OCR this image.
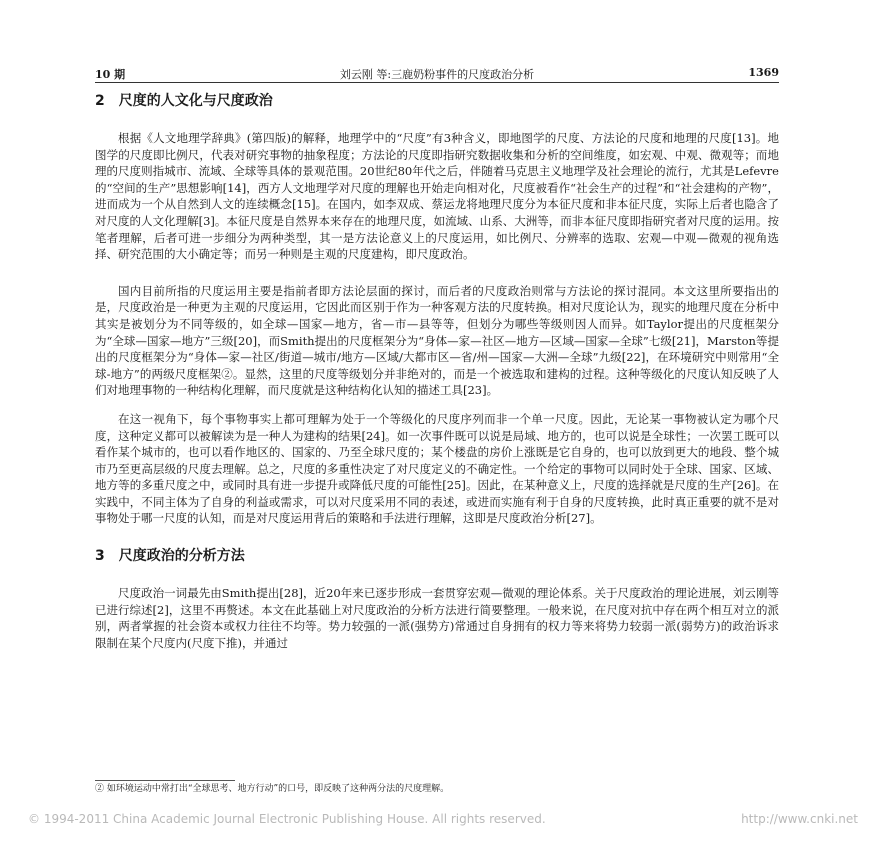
10 期	刘云刚 等:三鹿奶粉事件的尺度政治分析	1369
2 尺度的人文化与尺度政治

根据《人文地理学辞典》(第四版)的解释，地理学中的“尺度”有3种含义，即地图学的尺度、方法论的尺度和地理的尺度[13]。地图学的尺度即比例尺，代表对研究事物的抽象程度；方法论的尺度即指研究数据收集和分析的空间维度，如宏观、中观、微观等；而地理的尺度则指城市、流域、全球等具体的景观范围。20世纪80年代之后，伴随着马克思主义地理学及社会理论的流行，尤其是Lefevre的“空间的生产”思想影响[14]，西方人文地理学对尺度的理解也开始走向相对化，尺度被看作“社会生产的过程”和“社会建构的产物”，进而成为一个从自然到人文的连续概念[15]。在国内，如李双成、蔡运龙将地理尺度分为本征尺度和非本征尺度，实际上后者也隐含了对尺度的人文化理解[3]。本征尺度是自然界本来存在的地理尺度，如流域、山系、大洲等，而非本征尺度即指研究者对尺度的运用。按笔者理解，后者可进一步细分为两种类型，其一是方法论意义上的尺度运用，如比例尺、分辨率的选取、宏观—中观—微观的视角选择、研究范围的大小确定等；而另一种则是主观的尺度建构，即尺度政治。

国内目前所指的尺度运用主要是指前者即方法论层面的探讨，而后者的尺度政治则常与方法论的探讨混同。本文这里所要指出的是，尺度政治是一种更为主观的尺度运用，它因此而区别于作为一种客观方法的尺度转换。相对尺度论认为，现实的地理尺度在分析中其实是被划分为不同等级的，如全球—国家—地方，省—市—县等等，但划分为哪些等级则因人而异。如Taylor提出的尺度框架分为“全球—国家—地方”三级[20]，而Smith提出的尺度框架分为“身体—家—社区—地方—区域—国家—全球”七级[21]，Marston等提出的尺度框架分为“身体—家—社区/街道—城市/地方—区域/大都市区—省/州—国家—大洲—全球”九级[22]，在环境研究中则常用“全球-地方”的两级尺度框架②。显然，这里的尺度等级划分并非绝对的，而是一个被选取和建构的过程。这种等级化的尺度认知反映了人们对地理事物的一种结构化理解，而尺度就是这种结构化认知的描述工具[23]。

在这一视角下，每个事物事实上都可理解为处于一个等级化的尺度序列而非一个单一尺度。因此，无论某一事物被认定为哪个尺度，这种定义都可以被解读为是一种人为建构的结果[24]。如一次事件既可以说是局域、地方的，也可以说是全球性；一次罢工既可以看作某个城市的，也可以看作地区的、国家的、乃至全球尺度的；某个楼盘的房价上涨既是它自身的，也可以放到更大的地段、整个城市乃至更高层级的尺度去理解。总之，尺度的多重性决定了对尺度定义的不确定性。一个给定的事物可以同时处于全球、国家、区域、地方等的多重尺度之中，或同时具有进一步提升或降低尺度的可能性[25]。因此，在某种意义上，尺度的选择就是尺度的生产[26]。在实践中，不同主体为了自身的利益或需求，可以对尺度采用不同的表述，或进而实施有利于自身的尺度转换，此时真正重要的就不是对事物处于哪一尺度的认知，而是对尺度运用背后的策略和手法进行理解，这即是尺度政治分析[27]。

3 尺度政治的分析方法

尺度政治一词最先由Smith提出[28]，近20年来已逐步形成一套贯穿宏观—微观的理论体系。关于尺度政治的理论进展，刘云刚等已进行综述[2]，这里不再赘述。本文在此基础上对尺度政治的分析方法进行简要整理。一般来说，在尺度对抗中存在两个相互对立的派别，两者掌握的社会资本或权力往往不均等。势力较强的一派(强势方)常通过自身拥有的权力等来将势力较弱一派(弱势方)的政治诉求限制在某个尺度内(尺度下推)，并通过

② 如环境运动中常打出“全球思考、地方行动”的口号，即反映了这种两分法的尺度理解。
© 1994-2011 China Academic Journal Electronic Publishing House. All rights reserved.	http://www.cnki.net
